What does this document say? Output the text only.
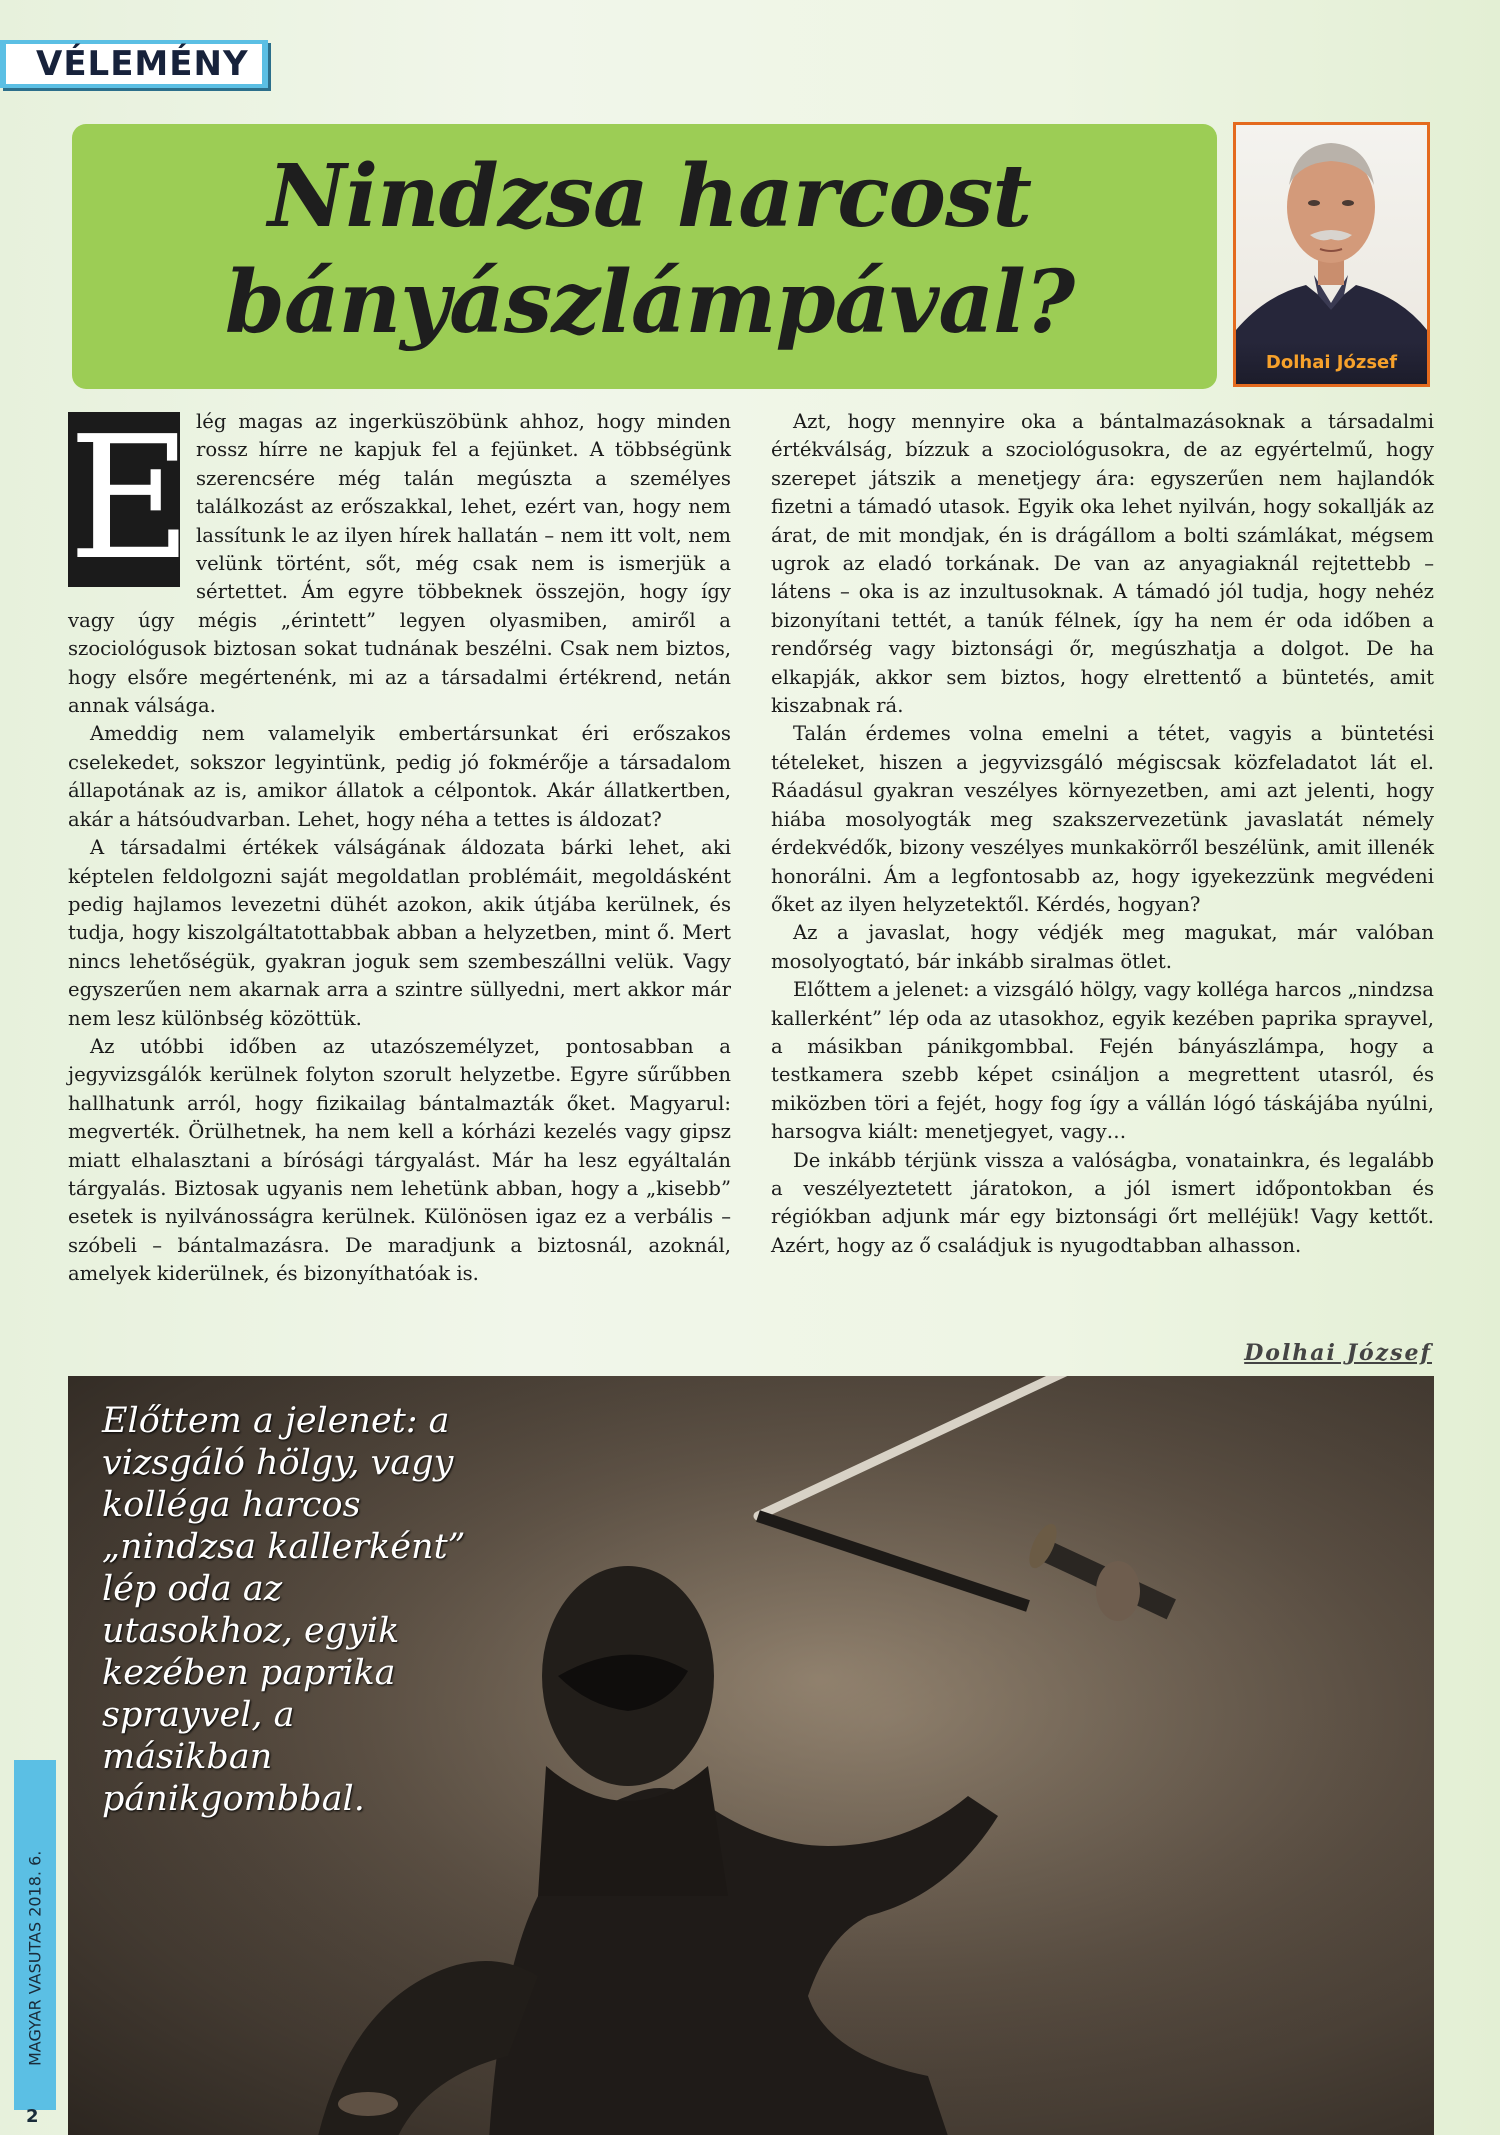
VÉLEMÉNY
Nindzsa harcost bányászlámpával?
Dolhai József

E lég magas az ingerküszöbünk ahhoz, hogy minden rossz hírre ne kapjuk fel a fejünket. A többségünk szerencsére még talán megúszta a személyes találkozást az erőszakkal, lehet, ezért van, hogy nem lassítunk le az ilyen hírek hallatán – nem itt volt, nem velünk történt, sőt, még csak nem is ismerjük a sértettet. Ám egyre többeknek összejön, hogy így vagy úgy mégis „érintett” legyen olyasmiben, amiről a szociológusok biztosan sokat tudnának beszélni. Csak nem biztos, hogy elsőre megértenénk, mi az a társadalmi értékrend, netán annak válsága.

Ameddig nem valamelyik embertársunkat éri erőszakos cselekedet, sokszor legyintünk, pedig jó fokmérője a társadalom állapotának az is, amikor állatok a célpontok. Akár állatkertben, akár a hátsóudvarban. Lehet, hogy néha a tettes is áldozat?

A társadalmi értékek válságának áldozata bárki lehet, aki képtelen feldolgozni saját megoldatlan problémáit, megoldásként pedig hajlamos levezetni dühét azokon, akik útjába kerülnek, és tudja, hogy kiszolgáltatottabbak abban a helyzetben, mint ő. Mert nincs lehetőségük, gyakran joguk sem szembeszállni velük. Vagy egyszerűen nem akarnak arra a szintre süllyedni, mert akkor már nem lesz különbség közöttük.

Az utóbbi időben az utazószemélyzet, pontosabban a jegyvizsgálók kerülnek folyton szorult helyzetbe. Egyre sűrűbben hallhatunk arról, hogy fizikailag bántalmazták őket. Magyarul: megverték. Örülhetnek, ha nem kell a kórházi kezelés vagy gipsz miatt elhalasztani a bírósági tárgyalást. Már ha lesz egyáltalán tárgyalás. Biztosak ugyanis nem lehetünk abban, hogy a „kisebb” esetek is nyilvánosságra kerülnek. Különösen igaz ez a verbális – szóbeli – bántalmazásra. De maradjunk a biztosnál, azoknál, amelyek kiderülnek, és bizonyíthatóak is.

Azt, hogy mennyire oka a bántalmazásoknak a társadalmi értékválság, bízzuk a szociológusokra, de az egyértelmű, hogy szerepet játszik a menetjegy ára: egyszerűen nem hajlandók fizetni a támadó utasok. Egyik oka lehet nyilván, hogy sokallják az árat, de mit mondjak, én is drágállom a bolti számlákat, mégsem ugrok az eladó torkának. De van az anyagiaknál rejtettebb – látens – oka is az inzultusoknak. A támadó jól tudja, hogy nehéz bizonyítani tettét, a tanúk félnek, így ha nem ér oda időben a rendőrség vagy biztonsági őr, megúszhatja a dolgot. De ha elkapják, akkor sem biztos, hogy elrettentő a büntetés, amit kiszabnak rá.

Talán érdemes volna emelni a tétet, vagyis a büntetési tételeket, hiszen a jegyvizsgáló mégiscsak közfeladatot lát el. Ráadásul gyakran veszélyes környezetben, ami azt jelenti, hogy hiába mosolyogták meg szakszervezetünk javaslatát némely érdekvédők, bizony veszélyes munkakörről beszélünk, amit illenék honorálni. Ám a legfontosabb az, hogy igyekezzünk megvédeni őket az ilyen helyzetektől. Kérdés, hogyan?

Az a javaslat, hogy védjék meg magukat, már valóban mosolyogtató, bár inkább siralmas ötlet.

Előttem a jelenet: a vizsgáló hölgy, vagy kolléga harcos „nindzsa kallerként” lép oda az utasokhoz, egyik kezében paprika sprayvel, a másikban pánikgombbal. Fején bányászlámpa, hogy a testkamera szebb képet csináljon a megrettent utasról, és miközben töri a fejét, hogy fog így a vállán lógó táskájába nyúlni, harsogva kiált: menetjegyet, vagy…

De inkább térjünk vissza a valóságba, vonatainkra, és legalább a veszélyeztetett járatokon, a jól ismert időpontokban és régiókban adjunk már egy biztonsági őrt melléjük! Vagy kettőt. Azért, hogy az ő családjuk is nyugodtabban alhasson.

Dolhai József
Előttem a jelenet: a vizsgáló hölgy, vagy kolléga harcos „nindzsa kallerként” lép oda az utasokhoz, egyik kezében paprika sprayvel, a másikban pánikgombbal.
MAGYAR VASUTAS 2018. 6.
2
